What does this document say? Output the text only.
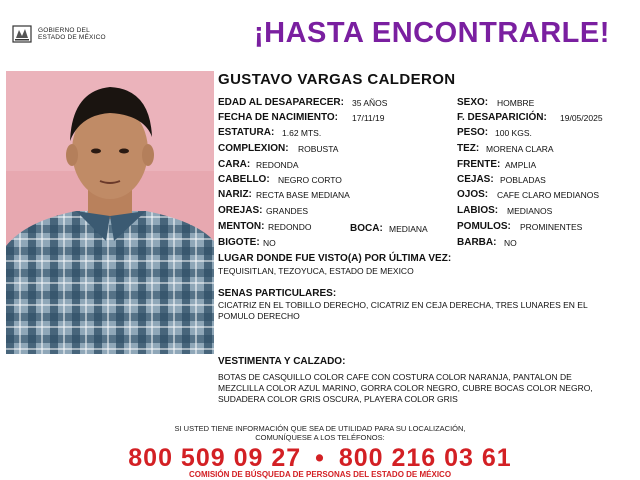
GOBIERNO DEL
ESTADO DE MÉXICO	¡HASTA ENCONTRARLE!
GUSTAVO VARGAS CALDERON
EDAD AL DESAPARECER: 35 AÑOS
FECHA DE NACIMIENTO: 17/11/19
ESTATURA: 1.62 MTS.
COMPLEXION: ROBUSTA
CARA: REDONDA
CABELLO: NEGRO CORTO
NARIZ: RECTA BASE MEDIANA
OREJAS: GRANDES
MENTON: REDONDO	BOCA: MEDIANA
BIGOTE: NO
SEXO: HOMBRE
F. DESAPARICIÓN: 19/05/2025
PESO: 100 KGS.
TEZ: MORENA CLARA
FRENTE: AMPLIA
CEJAS: POBLADAS
OJOS: CAFE CLARO MEDIANOS
LABIOS: MEDIANOS
POMULOS: PROMINENTES
BARBA: NO
LUGAR DONDE FUE VISTO(A) POR ÚLTIMA VEZ:
TEQUISITLAN, TEZOYUCA, ESTADO DE MEXICO
SENAS PARTICULARES:
CICATRIZ EN EL TOBILLO DERECHO, CICATRIZ EN CEJA DERECHA, TRES LUNARES EN EL POMULO DERECHO
VESTIMENTA Y CALZADO:
BOTAS DE CASQUILLO COLOR CAFE CON COSTURA COLOR NARANJA, PANTALON DE MEZCLILLA COLOR AZUL MARINO, GORRA COLOR NEGRO, CUBRE BOCAS COLOR NEGRO, SUDADERA COLOR GRIS OSCURA, PLAYERA COLOR GRIS
SI USTED TIENE INFORMACIÓN QUE SEA DE UTILIDAD PARA SU LOCALIZACIÓN,
COMUNÍQUESE A LOS TELÉFONOS:
800 509 09 27 • 800 216 03 61
COMISIÓN DE BÚSQUEDA DE PERSONAS DEL ESTADO DE MÉXICO
